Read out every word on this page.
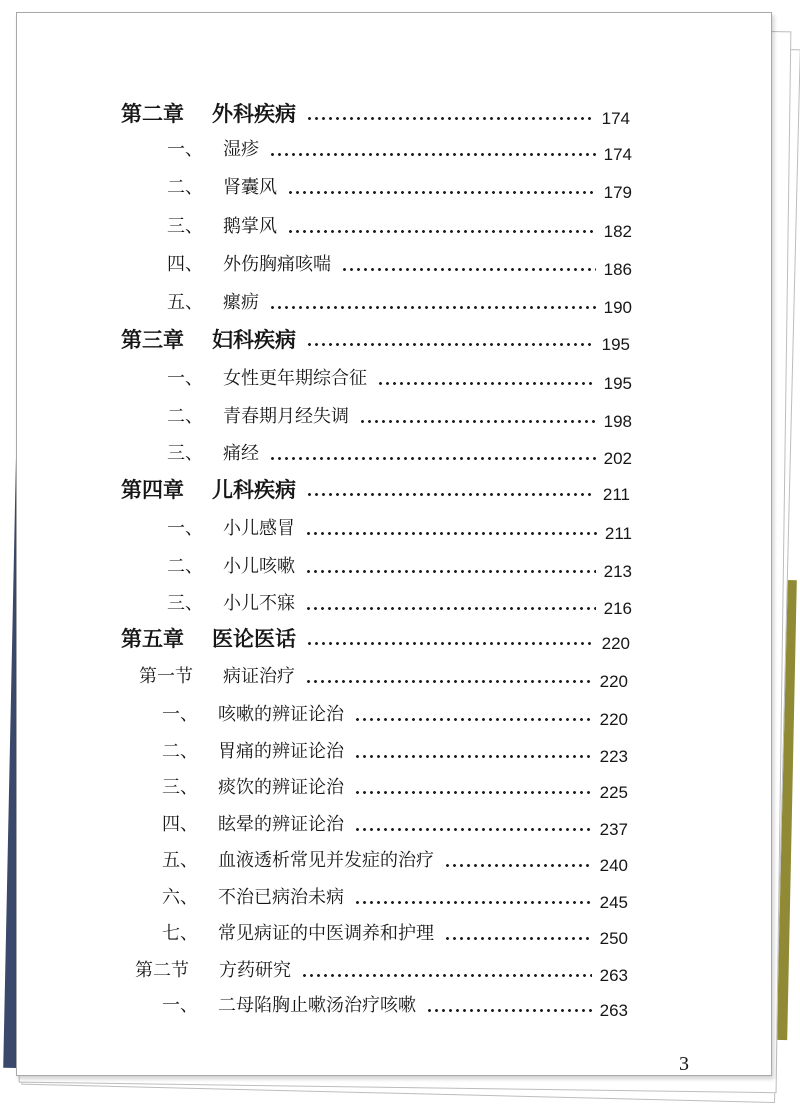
第二章 外科疾病	174
一、 湿疹	174
二、 肾囊风	179
三、 鹅掌风	182
四、 外伤胸痛咳喘	186
五、 瘰疬	190
第三章 妇科疾病	195
一、 女性更年期综合征	195
二、 青春期月经失调	198
三、 痛经	202
第四章 儿科疾病	211
一、 小儿感冒	211
二、 小儿咳嗽	213
三、 小儿不寐	216
第五章 医论医话	220
第一节 病证治疗	220
一、 咳嗽的辨证论治	220
二、 胃痛的辨证论治	223
三、 痰饮的辨证论治	225
四、 眩晕的辨证论治	237
五、 血液透析常见并发症的治疗	240
六、 不治已病治未病	245
七、 常见病证的中医调养和护理	250
第二节 方药研究	263
一、 二母陷胸止嗽汤治疗咳嗽	263
3
